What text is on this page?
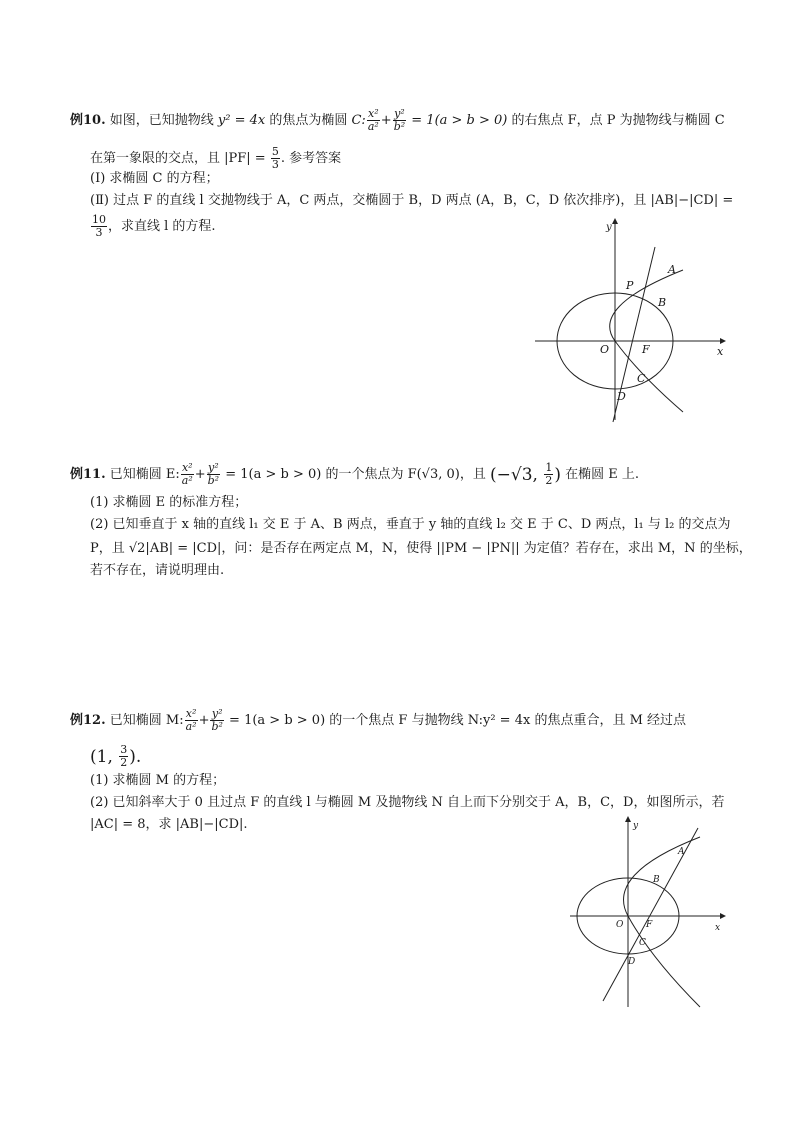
例10. 如图，已知抛物线 y² = 4x 的焦点为椭圆 C: $\frac{\text{x²}}{\text{a²}} + \frac{\text{y²}}{\text{b²}} = 1(a > b > 0)$ 的右焦点 F，点 P 为抛物线与椭圆 C
在第一象限的交点，且 $|PF| = \frac{5}{3}$ . 参考答案
(Ⅰ) 求椭圆 C 的方程；
(Ⅱ) 过点 F 的直线 l 交抛物线于 A，C 两点，交椭圆于 B，D 两点 (A，B，C，D 依次排序)，且 |AB|−|CD| =
$\frac{10}{3}$ ，求直线 l 的方程.	y
x
O	F
P
A
B
C
D
例11. 已知椭圆 E: $\frac{\text{x²}}{\text{a²}} + \frac{\text{y²}}{\text{b²}} = 1(a > b > 0)$ 的一个焦点为 F(√3, 0)，且 (−√3, $\frac{1}{2}$ ) 在椭圆 E 上.
(1) 求椭圆 E 的标准方程；
(2) 已知垂直于 x 轴的直线 l₁ 交 E 于 A、B 两点，垂直于 y 轴的直线 l₂ 交 E 于 C、D 两点，l₁ 与 l₂ 的交点为
P，且 √2|AB| = |CD|，问：是否存在两定点 M，N，使得 ||PM − |PN|| 为定值？若存在，求出 M，N 的坐标，
若不存在，请说明理由.
例12. 已知椭圆 M: $\frac{\text{x²}}{\text{a²}} + \frac{\text{y²}}{\text{b²}} = 1(a > b > 0)$ 的一个焦点 F 与抛物线 N:y² = 4x 的焦点重合，且 M 经过点
(1, $\frac{3}{2}$ ).
(1) 求椭圆 M 的方程；
(2) 已知斜率大于 0 且过点 F 的直线 l 与椭圆 M 及抛物线 N 自上而下分别交于 A，B，C，D，如图所示，若
|AC| = 8，求 |AB|−|CD|.	y
x
O	F
A
B
C
D
